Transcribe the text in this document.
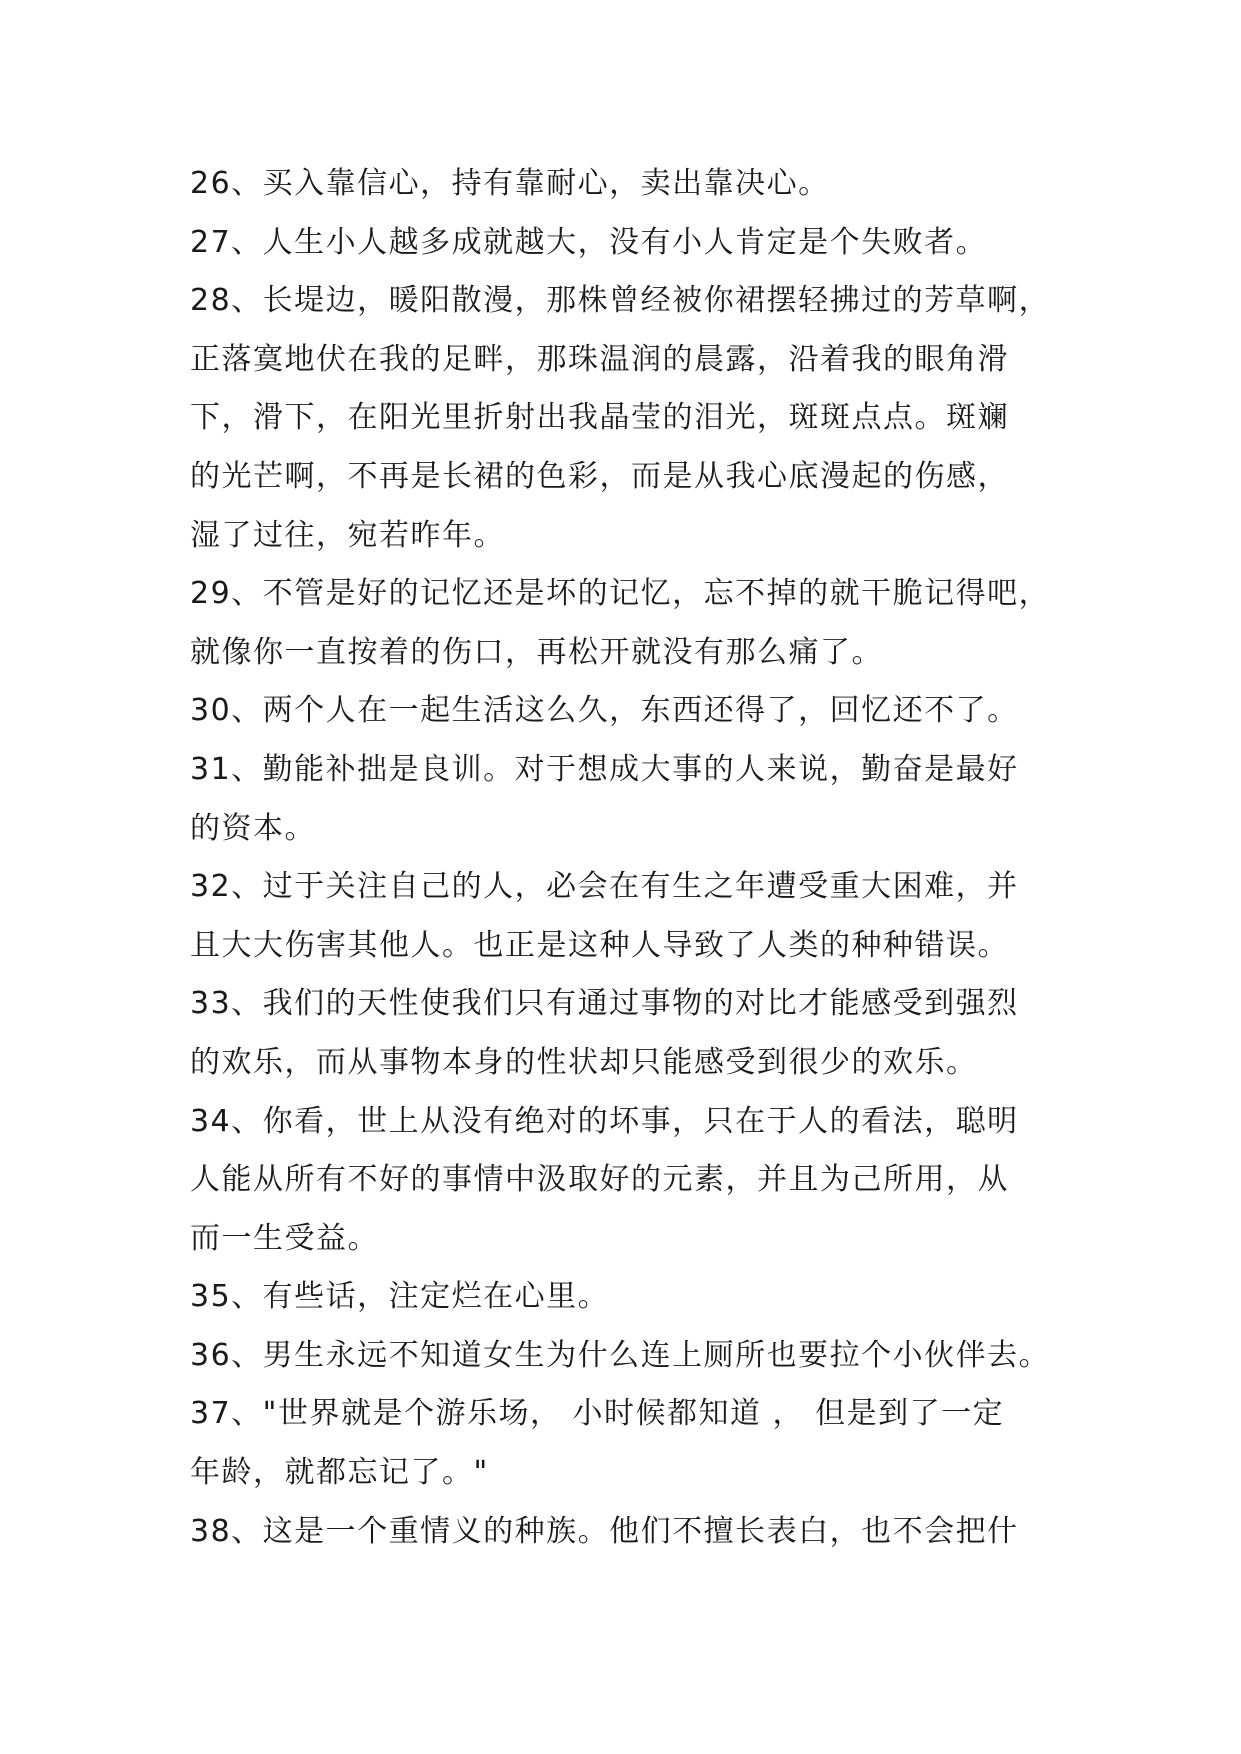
26、买入靠信心，持有靠耐心，卖出靠决心。
27、人生小人越多成就越大，没有小人肯定是个失败者。
28、长堤边，暖阳散漫，那株曾经被你裙摆轻拂过的芳草啊，
正落寞地伏在我的足畔，那珠温润的晨露，沿着我的眼角滑
下，滑下，在阳光里折射出我晶莹的泪光，斑斑点点。斑斓
的光芒啊，不再是长裙的色彩，而是从我心底漫起的伤感，
湿了过往，宛若昨年。
29、不管是好的记忆还是坏的记忆，忘不掉的就干脆记得吧，
就像你一直按着的伤口，再松开就没有那么痛了。
30、两个人在一起生活这么久，东西还得了，回忆还不了。
31、勤能补拙是良训。对于想成大事的人来说，勤奋是最好
的资本。
32、过于关注自己的人，必会在有生之年遭受重大困难，并
且大大伤害其他人。也正是这种人导致了人类的种种错误。
33、我们的天性使我们只有通过事物的对比才能感受到强烈
的欢乐，而从事物本身的性状却只能感受到很少的欢乐。
34、你看，世上从没有绝对的坏事，只在于人的看法，聪明
人能从所有不好的事情中汲取好的元素，并且为己所用，从
而一生受益。
35、有些话，注定烂在心里。
36、男生永远不知道女生为什么连上厕所也要拉个小伙伴去。
37、"世界就是个游乐场， 小时候都知道 ， 但是到了一定
年龄，就都忘记了。"
38、这是一个重情义的种族。他们不擅长表白，也不会把什
